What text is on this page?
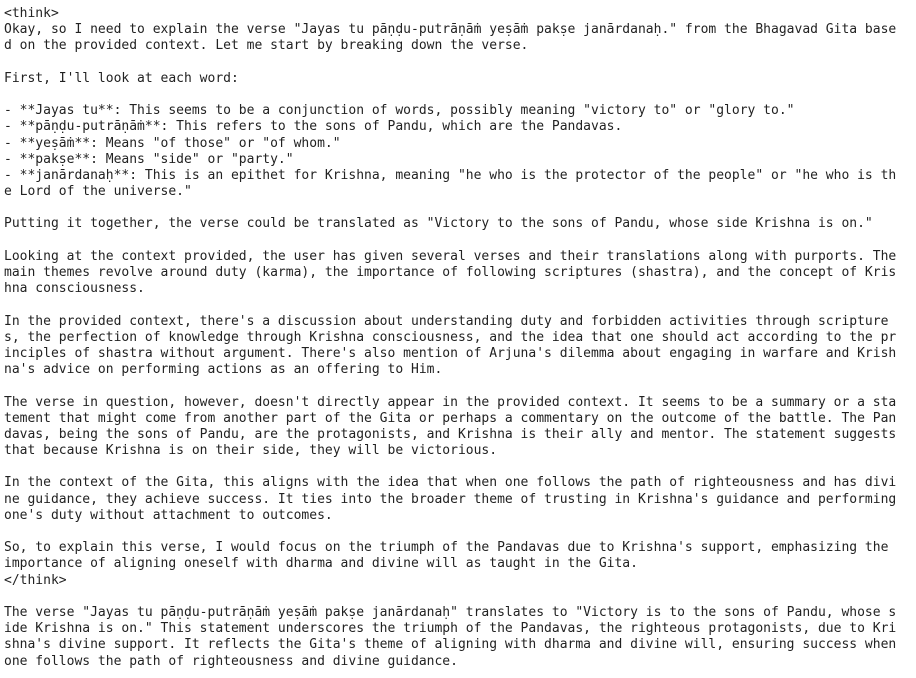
<think>
Okay, so I need to explain the verse "Jayas tu pāṇḍu-putrāṇāṁ yeṣāṁ pakṣe janārdanaḥ." from the Bhagavad Gita base
d on the provided context. Let me start by breaking down the verse.
First, I'll look at each word:
- **Jayas tu**: This seems to be a conjunction of words, possibly meaning "victory to" or "glory to."
- **pāṇḍu-putrāṇāṁ**: This refers to the sons of Pandu, which are the Pandavas.
- **yeṣāṁ**: Means "of those" or "of whom."
- **pakṣe**: Means "side" or "party."
- **janārdanaḥ**: This is an epithet for Krishna, meaning "he who is the protector of the people" or "he who is th
e Lord of the universe."
Putting it together, the verse could be translated as "Victory to the sons of Pandu, whose side Krishna is on."
Looking at the context provided, the user has given several verses and their translations along with purports. The
main themes revolve around duty (karma), the importance of following scriptures (shastra), and the concept of Kris
hna consciousness.
In the provided context, there's a discussion about understanding duty and forbidden activities through scripture
s, the perfection of knowledge through Krishna consciousness, and the idea that one should act according to the pr
inciples of shastra without argument. There's also mention of Arjuna's dilemma about engaging in warfare and Krish
na's advice on performing actions as an offering to Him.
The verse in question, however, doesn't directly appear in the provided context. It seems to be a summary or a sta
tement that might come from another part of the Gita or perhaps a commentary on the outcome of the battle. The Pan
davas, being the sons of Pandu, are the protagonists, and Krishna is their ally and mentor. The statement suggests
that because Krishna is on their side, they will be victorious.
In the context of the Gita, this aligns with the idea that when one follows the path of righteousness and has divi
ne guidance, they achieve success. It ties into the broader theme of trusting in Krishna's guidance and performing
one's duty without attachment to outcomes.
So, to explain this verse, I would focus on the triumph of the Pandavas due to Krishna's support, emphasizing the
importance of aligning oneself with dharma and divine will as taught in the Gita.
</think>
The verse "Jayas tu pāṇḍu-putrāṇāṁ yeṣāṁ pakṣe janārdanaḥ" translates to "Victory is to the sons of Pandu, whose s
ide Krishna is on." This statement underscores the triumph of the Pandavas, the righteous protagonists, due to Kri
shna's divine support. It reflects the Gita's theme of aligning with dharma and divine will, ensuring success when
one follows the path of righteousness and divine guidance.
